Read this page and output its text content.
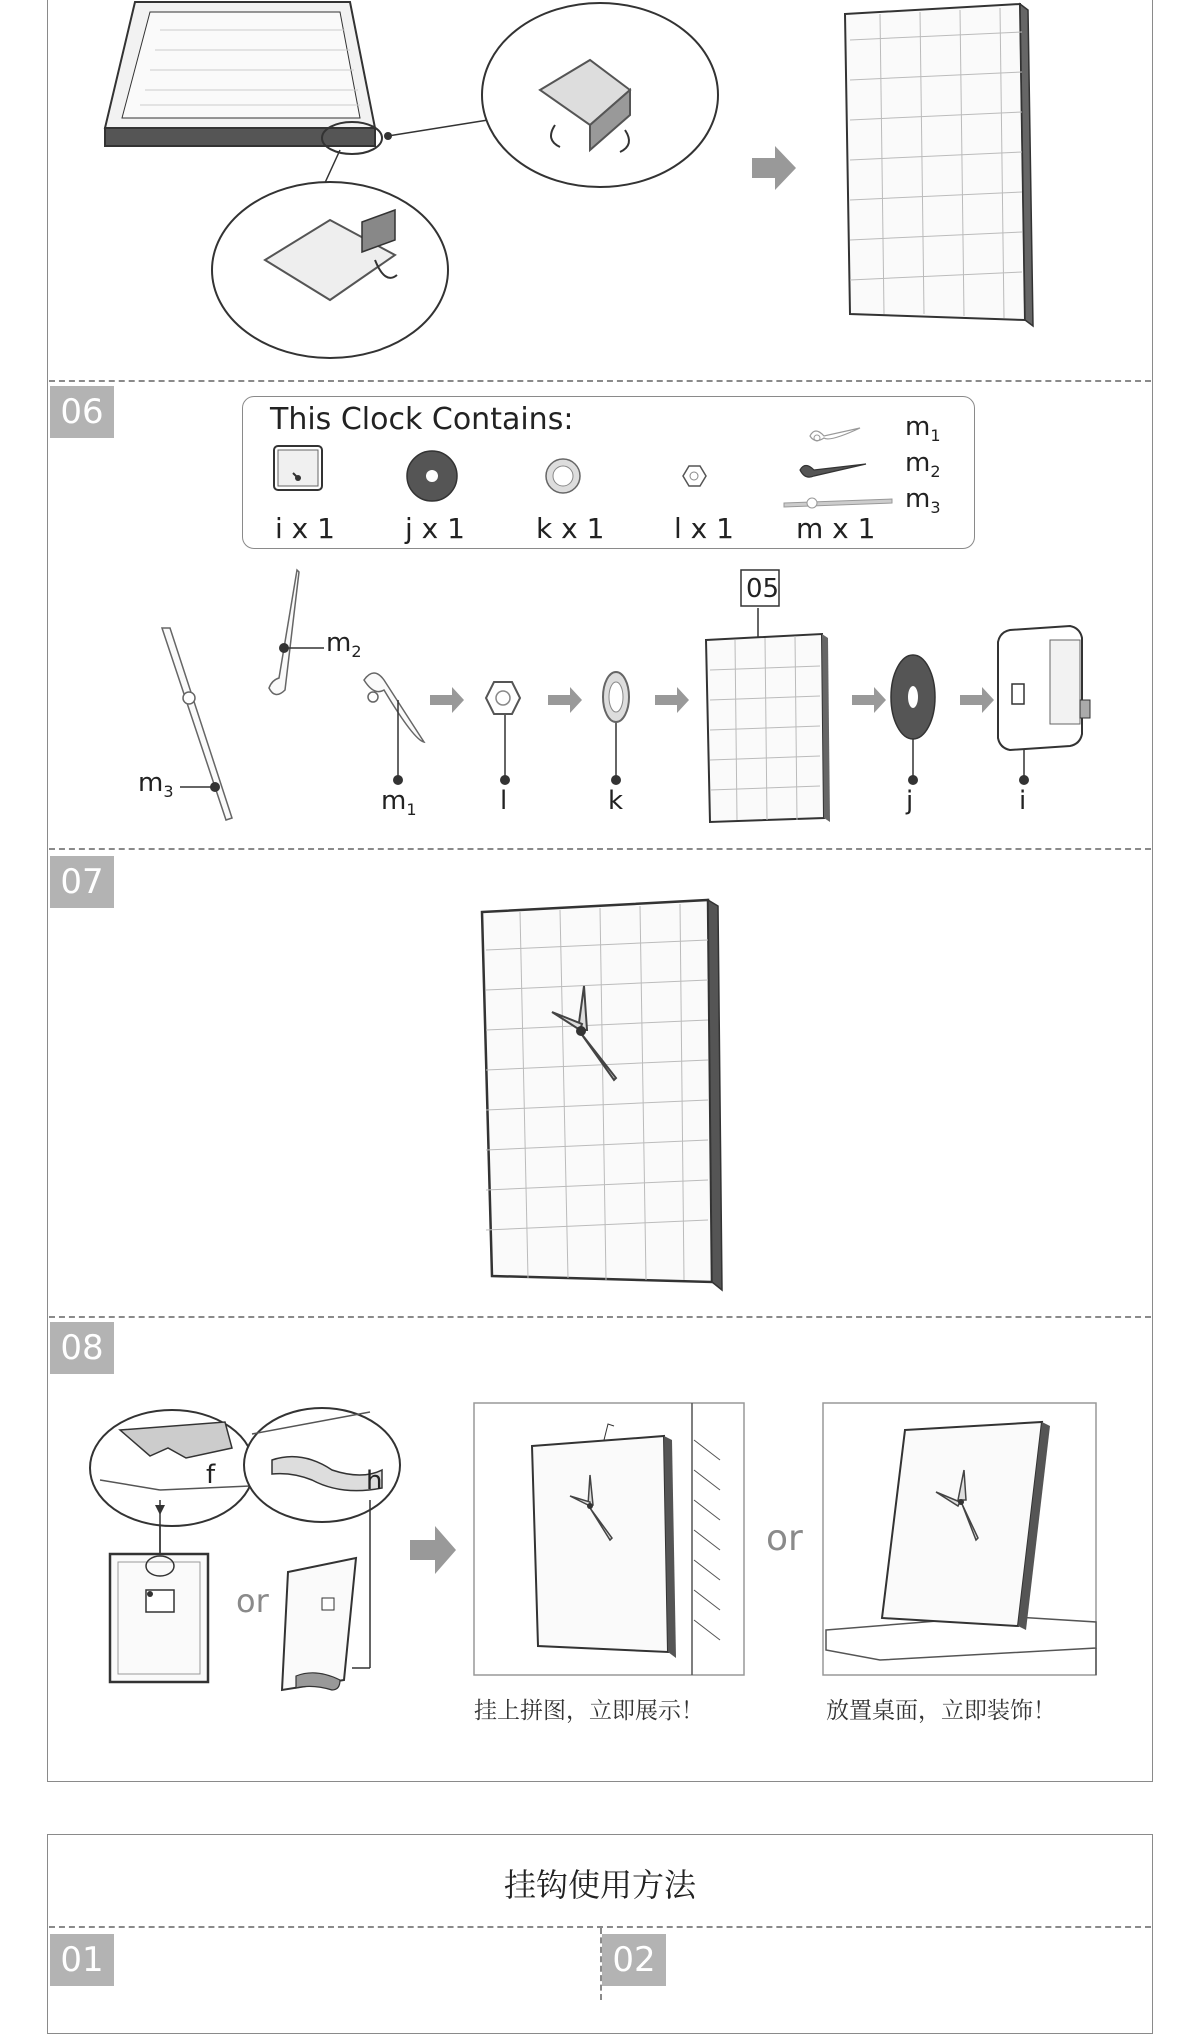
06	This Clock Contains:
i x 1	j x 1	k x 1 l x 1 m x 1
$m_1$
$m_2$
$m_3$
05
$m_3$
$m_2$
$m_1$	l	k	j	i
07
08
f	h
or
or
挂上拼图，立即展示！	放置桌面，立即装饰！
挂钩使用方法
01	02
